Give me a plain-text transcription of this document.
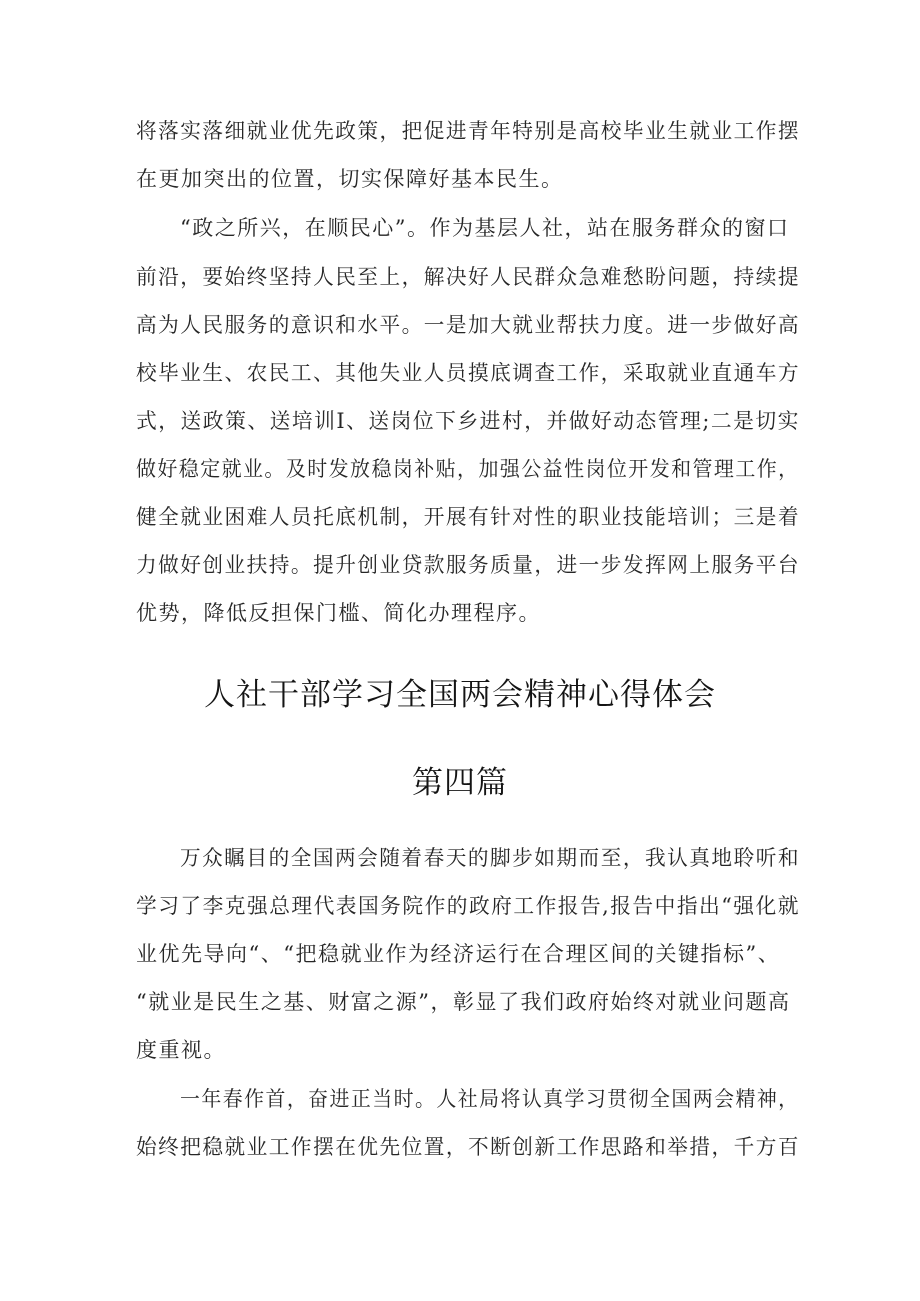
将落实落细就业优先政策，把促进青年特别是高校毕业生就业工作摆
在更加突出的位置，切实保障好基本民生。
“政之所兴，在顺民心”。作为基层人社，站在服务群众的窗口
前沿，要始终坚持人民至上，解决好人民群众急难愁盼问题，持续提
高为人民服务的意识和水平。一是加大就业帮扶力度。进一步做好高
校毕业生、农民工、其他失业人员摸底调查工作，采取就业直通车方
式，送政策、送培训I、送岗位下乡进村，并做好动态管理;二是切实
做好稳定就业。及时发放稳岗补贴，加强公益性岗位开发和管理工作，
健全就业困难人员托底机制，开展有针对性的职业技能培训；三是着
力做好创业扶持。提升创业贷款服务质量，进一步发挥网上服务平台
优势，降低反担保门槛、简化办理程序。
人社干部学习全国两会精神心得体会
第四篇
万众瞩目的全国两会随着春天的脚步如期而至，我认真地聆听和
学习了李克强总理代表国务院作的政府工作报告,报告中指出“强化就
业优先导向“、“把稳就业作为经济运行在合理区间的关键指标”、
“就业是民生之基、财富之源”，彰显了我们政府始终对就业问题高
度重视。
一年春作首，奋进正当时。人社局将认真学习贯彻全国两会精神，
始终把稳就业工作摆在优先位置，不断创新工作思路和举措，千方百
